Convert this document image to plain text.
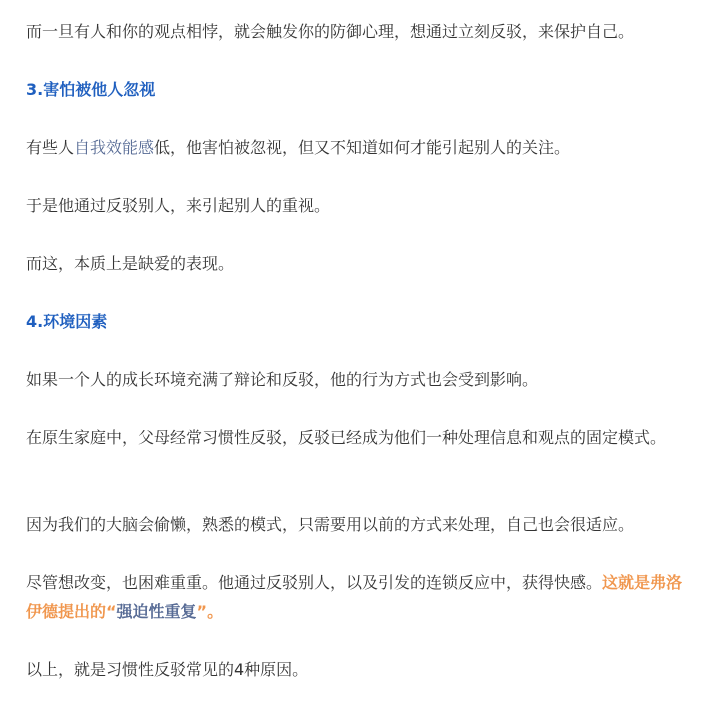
而一旦有人和你的观点相悖，就会触发你的防御心理，想通过立刻反驳，来保护自己。

3.害怕被他人忽视

有些人自我效能感低，他害怕被忽视，但又不知道如何才能引起别人的关注。

于是他通过反驳别人，来引起别人的重视。

而这，本质上是缺爱的表现。

4.环境因素

如果一个人的成长环境充满了辩论和反驳，他的行为方式也会受到影响。

在原生家庭中，父母经常习惯性反驳，反驳已经成为他们一种处理信息和观点的固定模式。

因为我们的大脑会偷懒，熟悉的模式，只需要用以前的方式来处理，自己也会很适应。

尽管想改变，也困难重重。他通过反驳别人，以及引发的连锁反应中，获得快感。这就是弗洛伊德提出的“强迫性重复”。

以上，就是习惯性反驳常见的4种原因。
